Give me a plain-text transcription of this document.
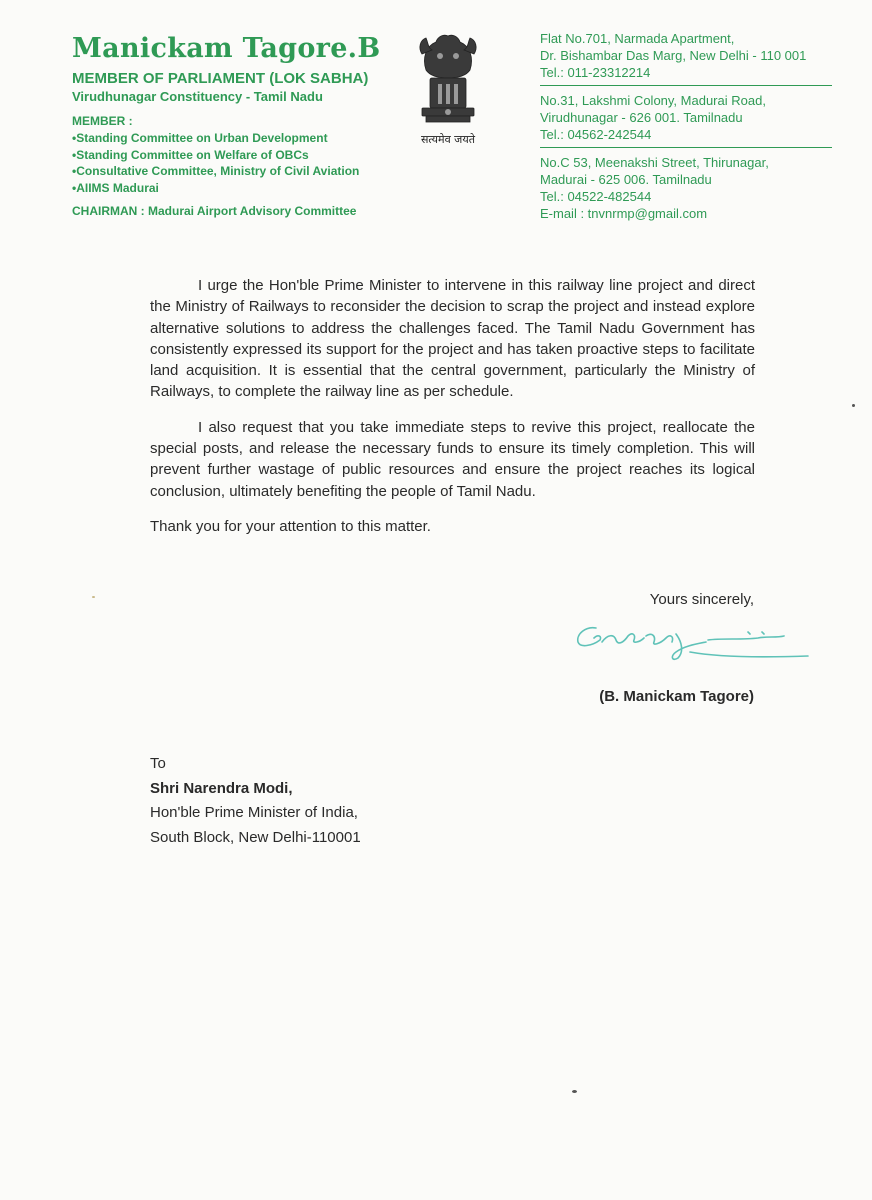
Manickam Tagore.B
MEMBER OF PARLIAMENT (LOK SABHA)
Virudhunagar Constituency - Tamil Nadu
MEMBER :
• Standing Committee on Urban Development
• Standing Committee on Welfare of OBCs
• Consultative Committee, Ministry of Civil Aviation
• AIIMS Madurai
CHAIRMAN : Madurai Airport Advisory Committee
सत्यमेव जयते
Flat No.701, Narmada Apartment,
Dr. Bishambar Das Marg, New Delhi - 110 001
Tel.: 011-23312214
No.31, Lakshmi Colony, Madurai Road,
Virudhunagar - 626 001. Tamilnadu
Tel.: 04562-242544
No.C 53, Meenakshi Street, Thirunagar,
Madurai - 625 006. Tamilnadu
Tel.: 04522-482544
E-mail : tnvnrmp@gmail.com

I urge the Hon'ble Prime Minister to intervene in this railway line project and direct the Ministry of Railways to reconsider the decision to scrap the project and instead explore alternative solutions to address the challenges faced. The Tamil Nadu Government has consistently expressed its support for the project and has taken proactive steps to facilitate land acquisition. It is essential that the central government, particularly the Ministry of Railways, to complete the railway line as per schedule.

I also request that you take immediate steps to revive this project, reallocate the special posts, and release the necessary funds to ensure its timely completion. This will prevent further wastage of public resources and ensure the project reaches its logical conclusion, ultimately benefiting the people of Tamil Nadu.

Thank you for your attention to this matter.

Yours sincerely,
(B. Manickam Tagore)
To
Shri Narendra Modi,
Hon'ble Prime Minister of India,
South Block, New Delhi-110001
